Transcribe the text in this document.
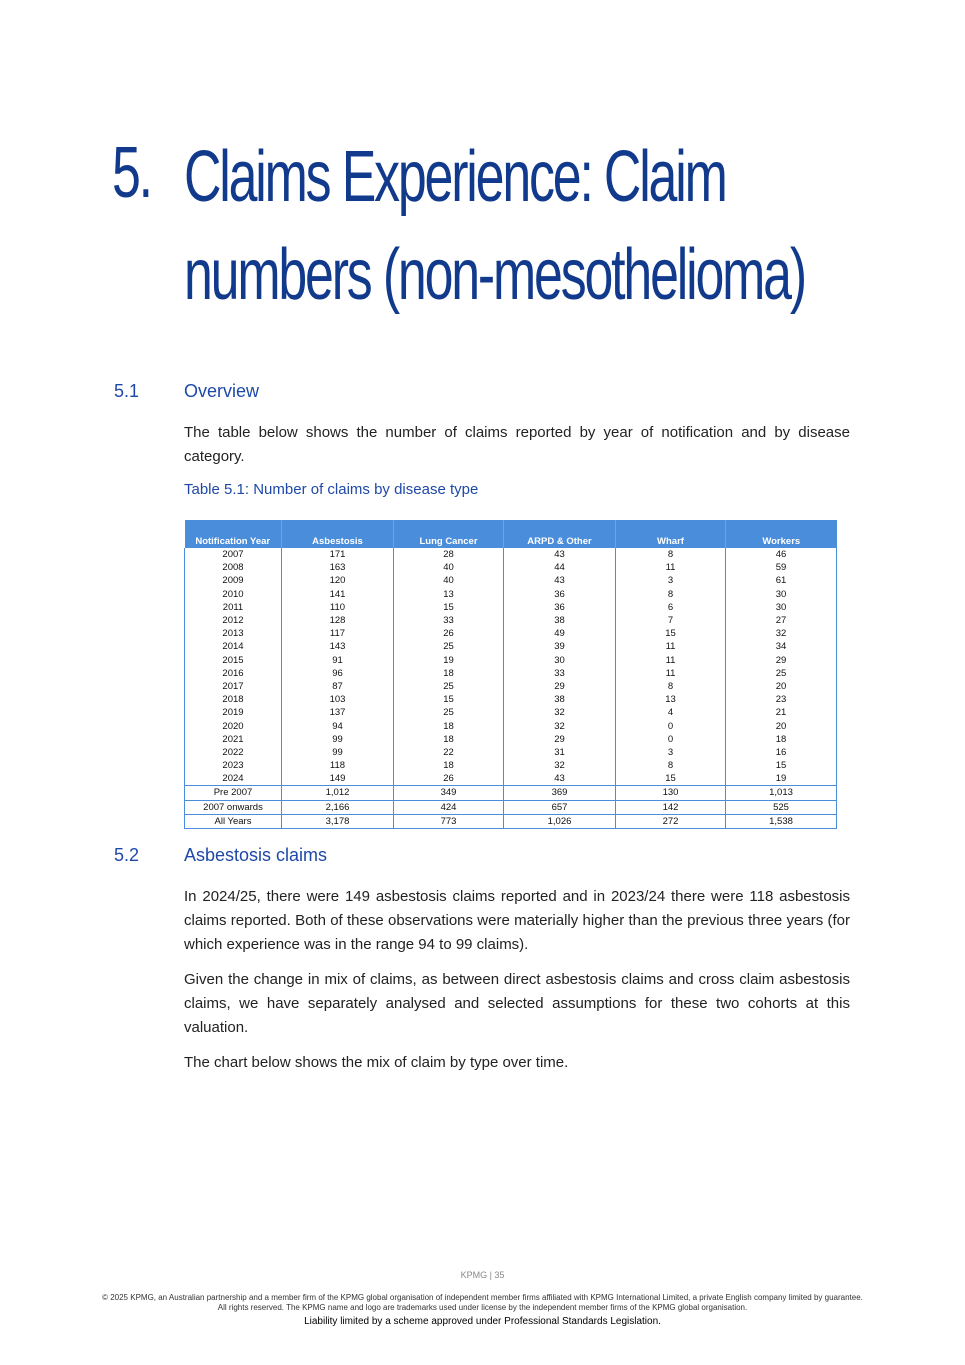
5. Claims Experience: Claim numbers (non-mesothelioma)
5.1 Overview
The table below shows the number of claims reported by year of notification and by disease category.
Table 5.1: Number of claims by disease type
Notification Year	Asbestosis	Lung Cancer	ARPD & Other	Wharf	Workers
2007	171	28	43	8	46
2008	163	40	44	11	59
2009	120	40	43	3	61
2010	141	13	36	8	30
2011	110	15	36	6	30
2012	128	33	38	7	27
2013	117	26	49	15	32
2014	143	25	39	11	34
2015	91	19	30	11	29
2016	96	18	33	11	25
2017	87	25	29	8	20
2018	103	15	38	13	23
2019	137	25	32	4	21
2020	94	18	32	0	20
2021	99	18	29	0	18
2022	99	22	31	3	16
2023	118	18	32	8	15
2024	149	26	43	15	19
Pre 2007	1,012	349	369	130	1,013
2007 onwards	2,166	424	657	142	525
All Years	3,178	773	1,026	272	1,538
5.2 Asbestosis claims
In 2024/25, there were 149 asbestosis claims reported and in 2023/24 there were 118 asbestosis claims reported. Both of these observations were materially higher than the previous three years (for which experience was in the range 94 to 99 claims).
Given the change in mix of claims, as between direct asbestosis claims and cross claim asbestosis claims, we have separately analysed and selected assumptions for these two cohorts at this valuation.
The chart below shows the mix of claim by type over time.
KPMG | 35
© 2025 KPMG, an Australian partnership and a member firm of the KPMG global organisation of independent member firms affiliated with KPMG International Limited, a private English company limited by guarantee. All rights reserved. The KPMG name and logo are trademarks used under license by the independent member firms of the KPMG global organisation.
Liability limited by a scheme approved under Professional Standards Legislation.
